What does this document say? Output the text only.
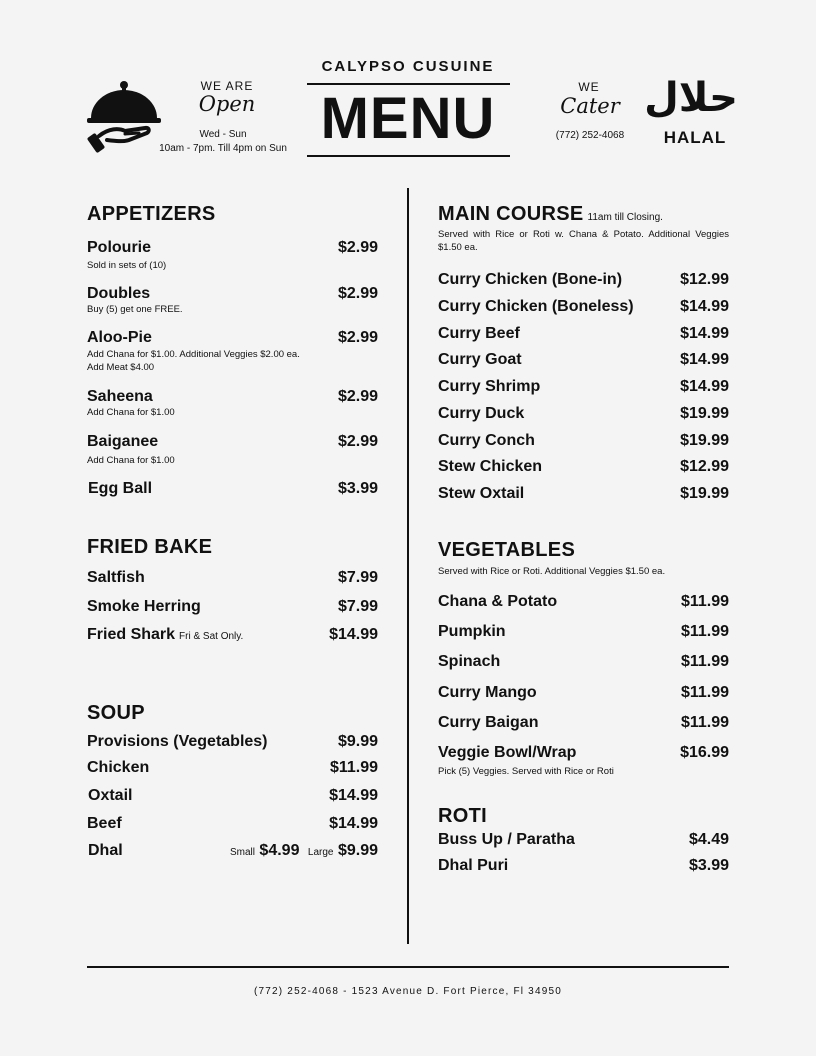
WE ARE
Open
Wed - Sun
10am - 7pm. Till 4pm on Sun
CALYPSO CUSUINE
MENU	WE
Cater
(772) 252-4068
حلال
HALAL
APPETIZERS
Polourie	$2.99
Sold in sets of (10)
Doubles	$2.99
Buy (5) get one FREE.
Aloo-Pie	$2.99
Add Chana for $1.00. Additional Veggies $2.00 ea.
Add Meat $4.00
Saheena	$2.99
Add Chana for $1.00
Baiganee	$2.99
Add Chana for $1.00
Egg Ball	$3.99
FRIED BAKE
Saltfish	$7.99
Smoke Herring	$7.99
Fried Shark Fri & Sat Only.	$14.99
SOUP
Provisions (Vegetables)	$9.99
Chicken	$11.99
Oxtail	$14.99
Beef	$14.99
Dhal	Small $4.99 Large $9.99
MAIN COURSE 11am till Closing.
Served with Rice or Roti w. Chana & Potato. Additional Veggies $1.50 ea.
Curry Chicken (Bone-in)	$12.99
Curry Chicken (Boneless)	$14.99
Curry Beef	$14.99
Curry Goat	$14.99
Curry Shrimp	$14.99
Curry Duck	$19.99
Curry Conch	$19.99
Stew Chicken	$12.99
Stew Oxtail	$19.99
VEGETABLES
Served with Rice or Roti. Additional Veggies $1.50 ea.
Chana & Potato	$11.99
Pumpkin	$11.99
Spinach	$11.99
Curry Mango	$11.99
Curry Baigan	$11.99
Veggie Bowl/Wrap	$16.99
Pick (5) Veggies. Served with Rice or Roti
ROTI
Buss Up / Paratha	$4.49
Dhal Puri	$3.99
(772) 252-4068 - 1523 Avenue D. Fort Pierce, Fl 34950
